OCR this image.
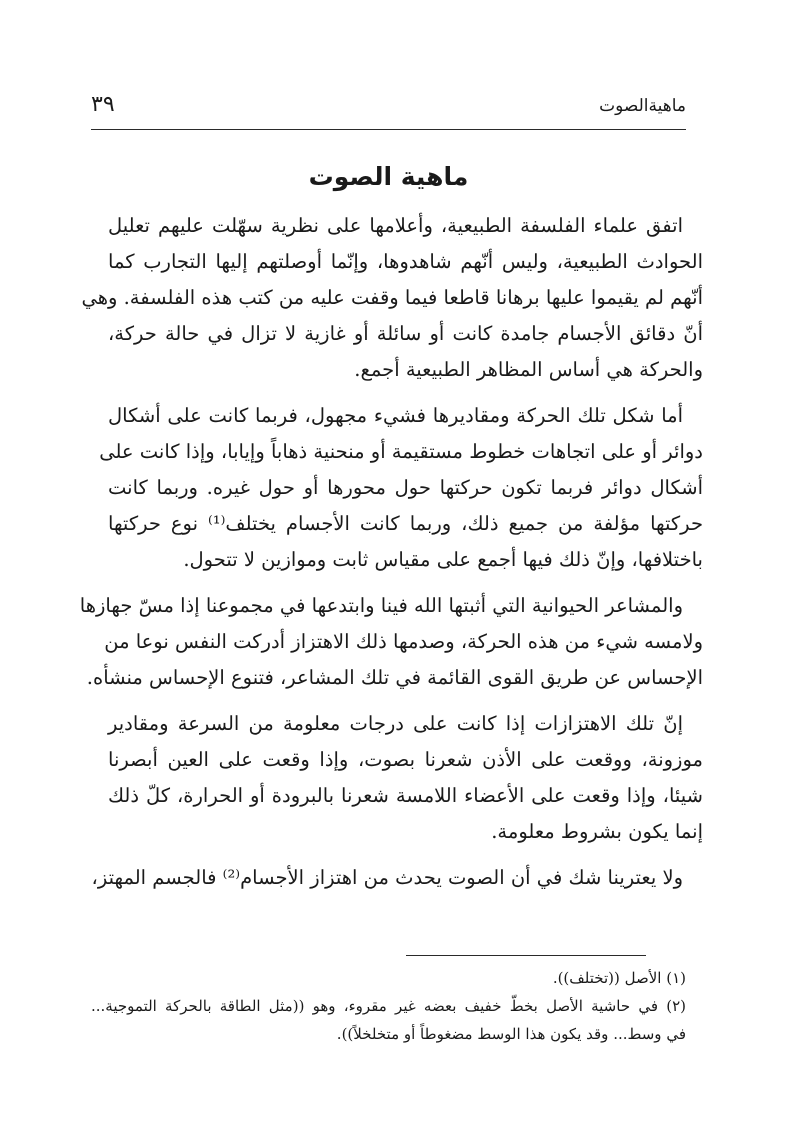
ماهيةالصوت
٣٩
ماهية الصوت
اتفق علماء الفلسفة الطبيعية، وأعلامها على نظرية سهّلت عليهم تعليل
الحوادث الطبيعية، وليس أنّهم شاهدوها، وإنّما أوصلتهم إليها التجارب كما
أنّهم لم يقيموا عليها برهانا قاطعا فيما وقفت عليه من كتب هذه الفلسفة. وهي
أنّ دقائق الأجسام جامدة كانت أو سائلة أو غازية لا تزال في حالة حركة،
والحركة هي أساس المظاهر الطبيعية أجمع.
أما شكل تلك الحركة ومقاديرها فشيء مجهول، فربما كانت على أشكال
دوائر أو على اتجاهات خطوط مستقيمة أو منحنية ذهاباً وإيابا، وإذا كانت على
أشكال دوائر فربما تكون حركتها حول محورها أو حول غيره. وربما كانت
حركتها مؤلفة من جميع ذلك، وربما كانت الأجسام يختلف⁽¹⁾ نوع حركتها
باختلافها، وإنّ ذلك فيها أجمع على مقياس ثابت وموازين لا تتحول.
والمشاعر الحيوانية التي أثبتها الله فينا وابتدعها في مجموعنا إذا مسّ جهازها
ولامسه شيء من هذه الحركة، وصدمها ذلك الاهتزاز أدركت النفس نوعا من
الإحساس عن طريق القوى القائمة في تلك المشاعر، فتنوع الإحساس منشأه.
إنّ تلك الاهتزازات إذا كانت على درجات معلومة من السرعة ومقادير
موزونة، ووقعت على الأذن شعرنا بصوت، وإذا وقعت على العين أبصرنا
شيئا، وإذا وقعت على الأعضاء اللامسة شعرنا بالبرودة أو الحرارة، كلّ ذلك
إنما يكون بشروط معلومة.
ولا يعترينا شك في أن الصوت يحدث من اهتزاز الأجسام⁽²⁾ فالجسم المهتز،
(١) الأصل ((تختلف)).
(٢) في حاشية الأصل بخطّ خفيف بعضه غير مقروء، وهو ((مثل الطاقة بالحركة التموجية...
في وسط... وقد يكون هذا الوسط مضغوطاً أو متخلخلاً)).
